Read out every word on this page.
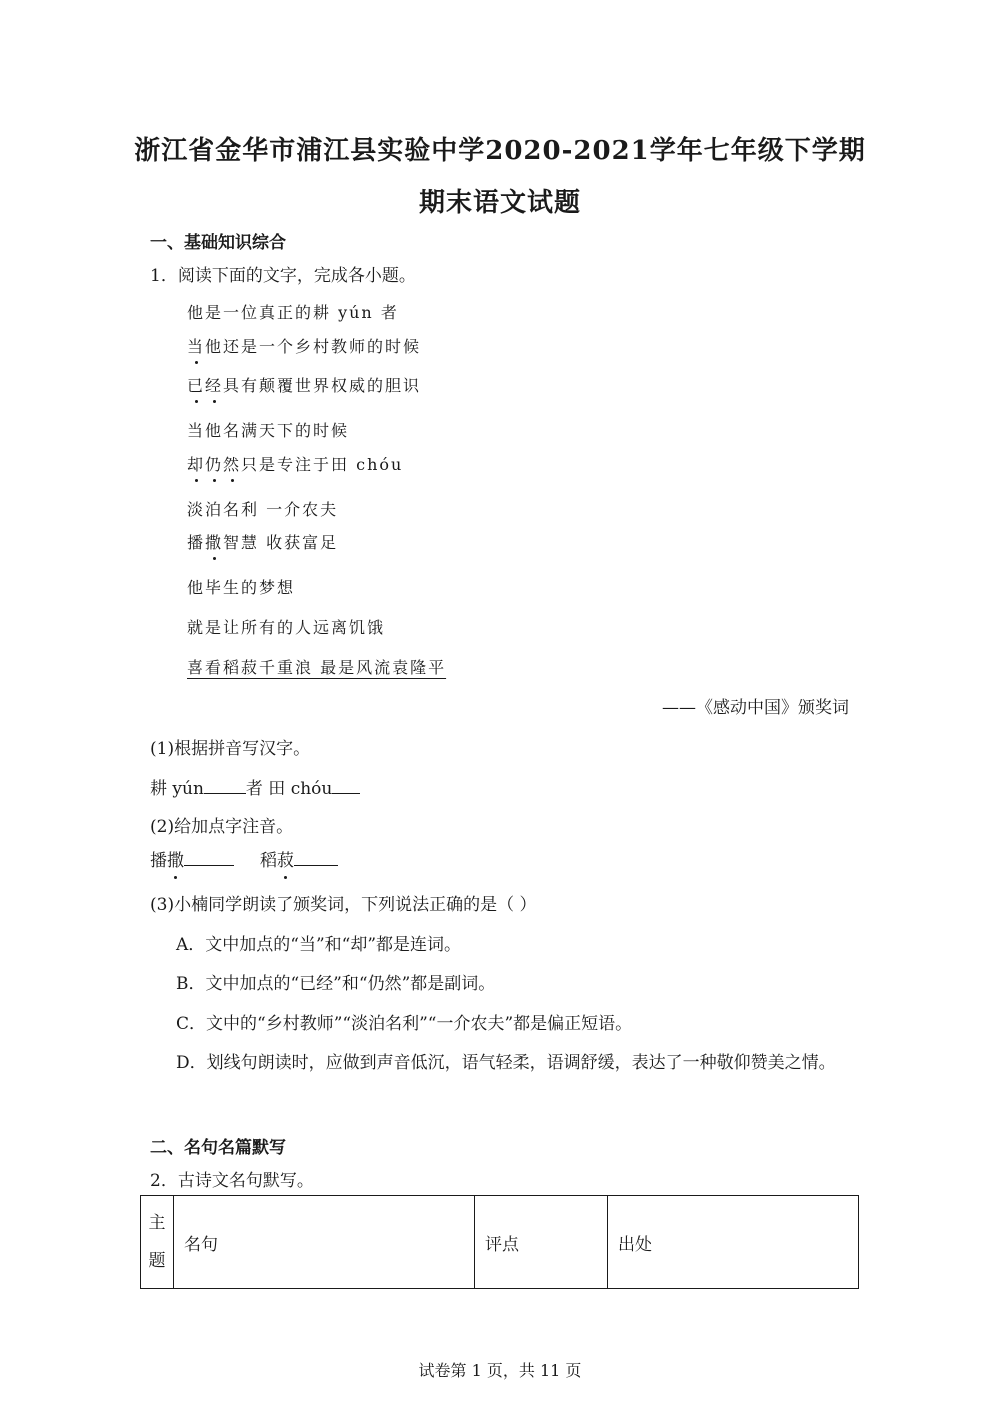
浙江省金华市浦江县实验中学2020-2021学年七年级下学期
期末语文试题
一、基础知识综合
1．阅读下面的文字，完成各小题。
他是一位真正的耕 yún 者
当他还是一个乡村教师的时候
已经具有颠覆世界权威的胆识
当他名满天下的时候
却仍然只是专注于田 chóu
淡泊名利 一介农夫
播撒智慧 收获富足
他毕生的梦想
就是让所有的人远离饥饿
喜看稻菽千重浪 最是风流袁隆平
——《感动中国》颁奖词
(1)根据拼音写汉字。
耕 yún 者 田 chóu
(2)给加点字注音。
播撒	稻菽
(3)小楠同学朗读了颁奖词，下列说法正确的是（ ）
A．文中加点的“当”和“却”都是连词。
B．文中加点的“已经”和“仍然”都是副词。
C．文中的“乡村教师”“淡泊名利”“一介农夫”都是偏正短语。
D．划线句朗读时，应做到声音低沉，语气轻柔，语调舒缓，表达了一种敬仰赞美之情。
二、名句名篇默写
2．古诗文名句默写。
主
题	名句	评点	出处
试卷第 1 页，共 11 页
